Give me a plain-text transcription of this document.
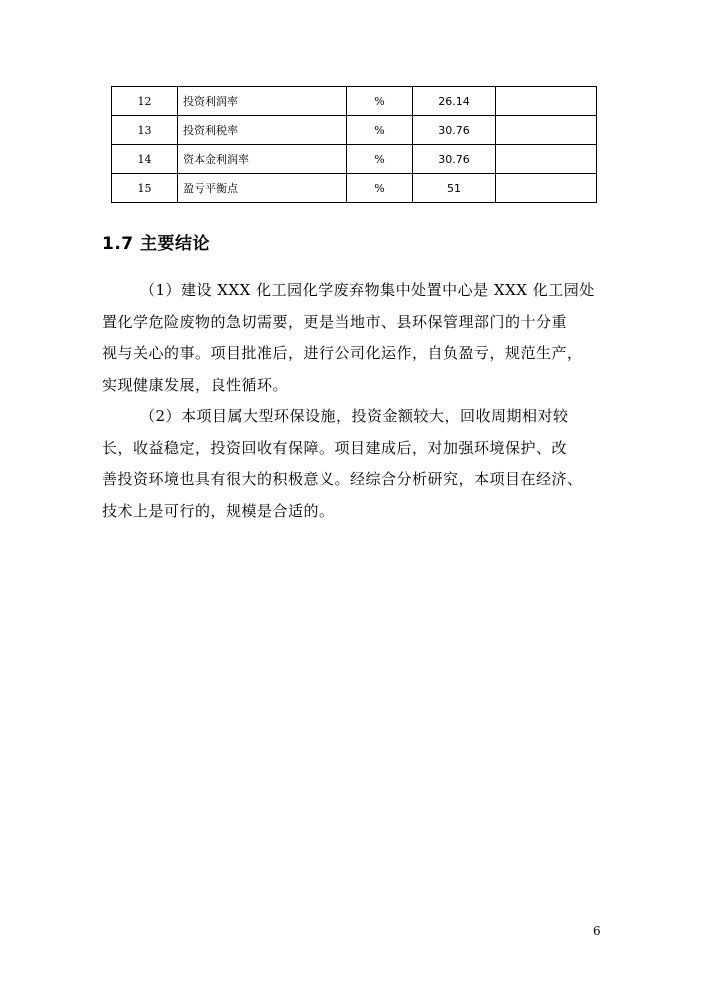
12	投资利润率	%	26.14	
13	投资利税率	%	30.76	
14	资本金利润率	%	30.76	
15	盈亏平衡点	%	51	
1.7 主要结论
（1）建设 XXX 化工园化学废弃物集中处置中心是 XXX 化工园处
置化学危险废物的急切需要，更是当地市、县环保管理部门的十分重
视与关心的事。项目批准后，进行公司化运作，自负盈亏，规范生产，
实现健康发展，良性循环。
（2）本项目属大型环保设施，投资金额较大，回收周期相对较
长，收益稳定，投资回收有保障。项目建成后，对加强环境保护、改
善投资环境也具有很大的积极意义。经综合分析研究，本项目在经济、
技术上是可行的，规模是合适的。
6
